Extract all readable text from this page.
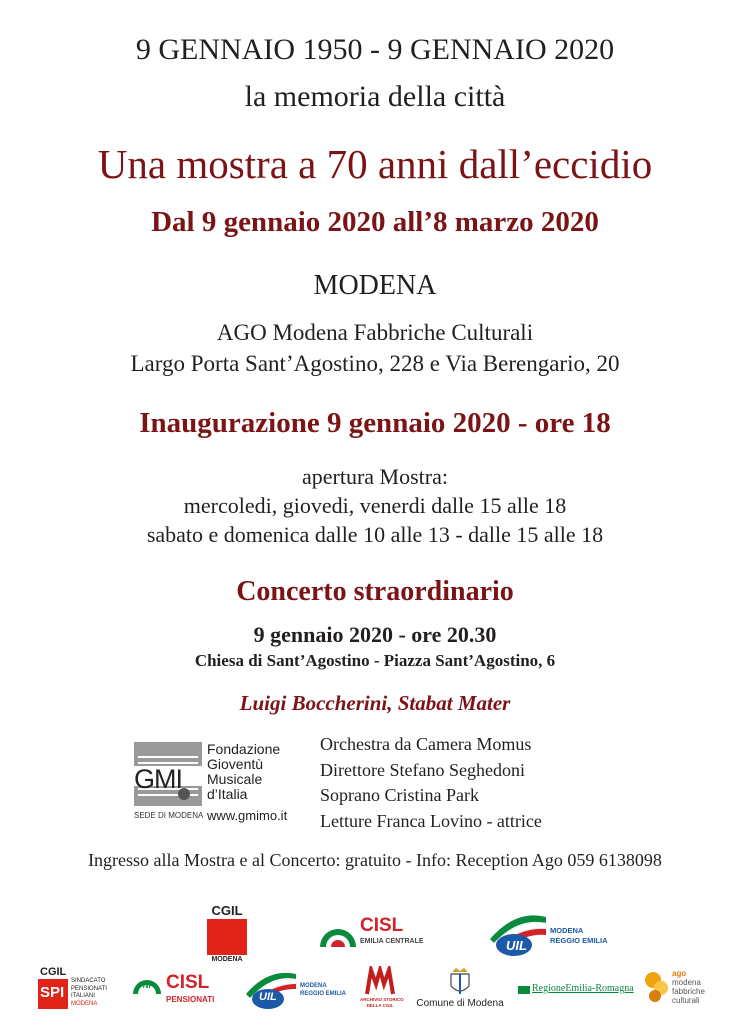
9 GENNAIO 1950 - 9 GENNAIO 2020
la memoria della città
Una mostra a 70 anni dall’eccidio
Dal 9 gennaio 2020 all’8 marzo 2020
MODENA
AGO Modena Fabbriche Culturali
Largo Porta Sant’Agostino, 228 e Via Berengario, 20
Inaugurazione 9 gennaio 2020 - ore 18
apertura Mostra:
mercoledi, giovedi, venerdi dalle 15 alle 18
sabato e domenica dalle 10 alle 13 - dalle 15 alle 18
Concerto straordinario
9 gennaio 2020 - ore 20.30
Chiesa di Sant’Agostino - Piazza Sant’Agostino, 6
Luigi Boccherini, Stabat Mater
GMI
SEDE DI MODENA
Fondazione
Gioventù
Musicale
d’Italia
www.gmimo.it
Orchestra da Camera Momus
Direttore Stefano Seghedoni
Soprano Cristina Park
Letture Franca Lovino - attrice
Ingresso alla Mostra e al Concerto: gratuito - Info: Reception Ago 059 6138098
CGIL
MODENA
CISL
EMILIA CENTRALE	UIL
MODENA REGGIO EMILIA
CGIL
SPI
SINDACATO
PENSIONATI
ITALIANI
MODENA
FNP CISL
PENSIONATI	UIL
MODENA REGGIO EMILIA
ARCHIVIO STORICO
DELLA CGIL	Comune di Modena
RegioneEmilia-Romagna
ago
modena
fabbriche
culturali
